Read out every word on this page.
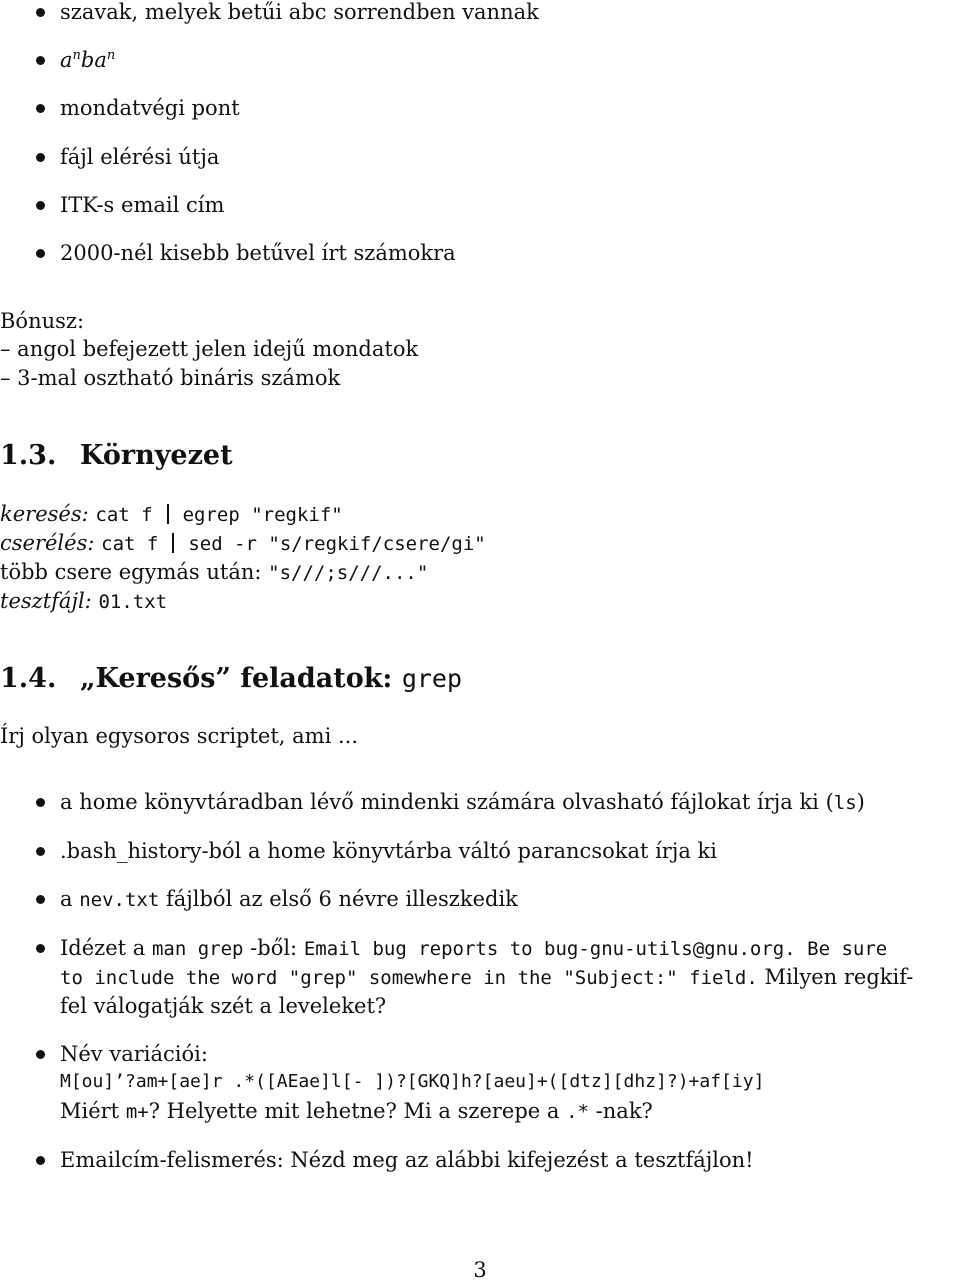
szavak, melyek betűi abc sorrendben vannak
$a^nba^n$
mondatvégi pont
fájl elérési útja
ITK-s email cím
2000-nél kisebb betűvel írt számokra
Bónusz:
– angol befejezett jelen idejű mondatok
– 3-mal osztható bináris számok
1.3. Környezet
keresés: cat f egrep "regkif"
cserélés: cat f sed -r "s/regkif/csere/gi"
több csere egymás után: "s///;s///..."
tesztfájl: 01.txt
1.4. „Keresős” feladatok: grep
Írj olyan egysoros scriptet, ami ...
a home könyvtáradban lévő mindenki számára olvasható fájlokat írja ki (ls)
.bash_history-ból a home könyvtárba váltó parancsokat írja ki
a nev.txt fájlból az első 6 névre illeszkedik
Idézet a man grep -ből: Email bug reports to bug-gnu-utils@gnu.org. Be sure
to include the word "grep" somewhere in the "Subject:" field. Milyen regkif-
fel válogatják szét a leveleket?
Név variációi:
M[ou]’?am+[ae]r .*([AEae]l[- ])?[GKQ]h?[aeu]+([dtz][dhz]?)+af[iy]
Miért m+? Helyette mit lehetne? Mi a szerepe a .* -nak?
Emailcím-felismerés: Nézd meg az alábbi kifejezést a tesztfájlon!
3
